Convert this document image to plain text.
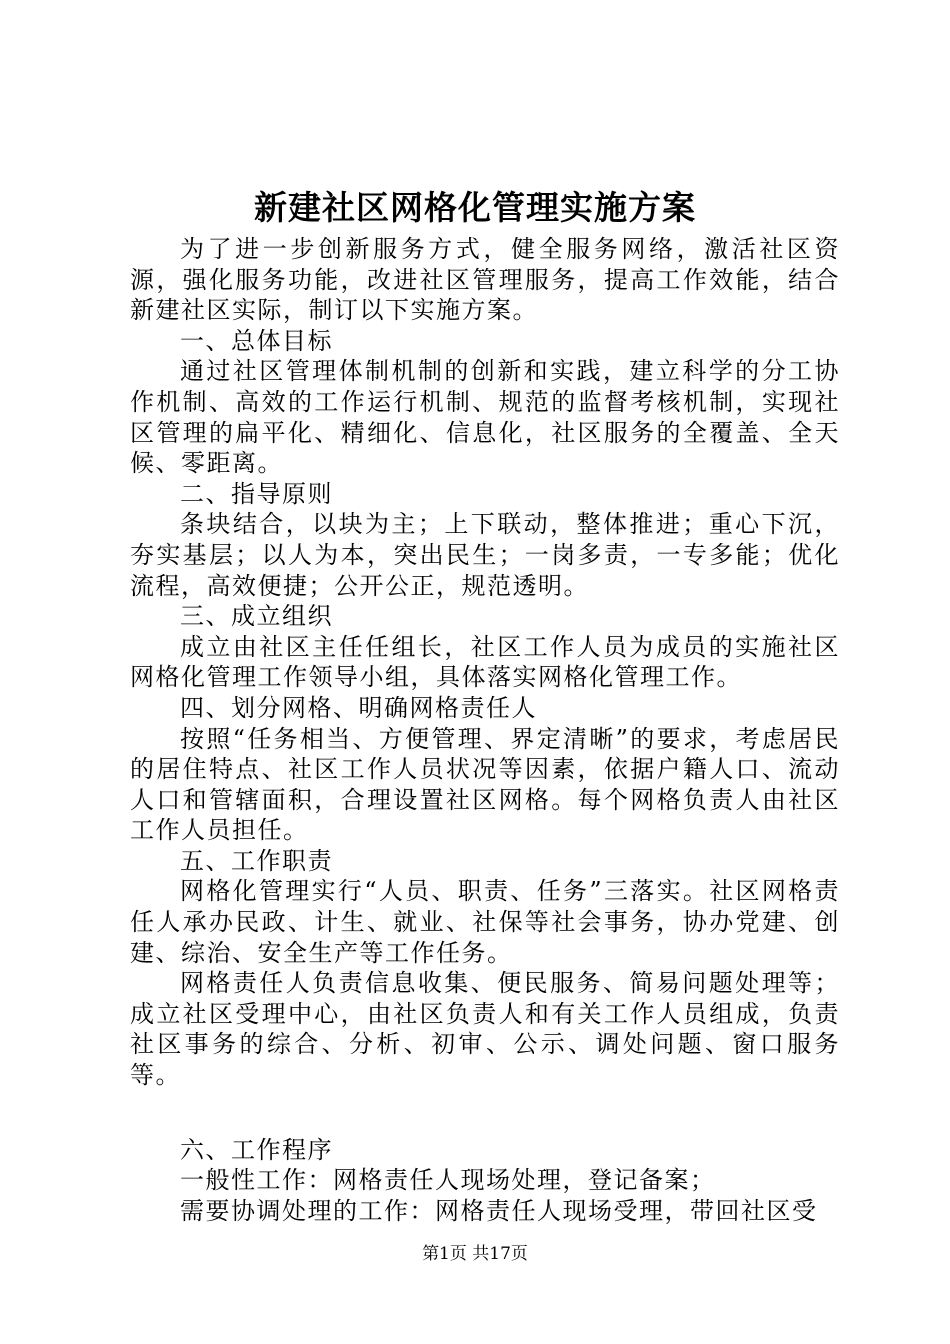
新建社区网格化管理实施方案

为了进一步创新服务方式，健全服务网络，激活社区资源，强化服务功能，改进社区管理服务，提高工作效能，结合新建社区实际，制订以下实施方案。

一、总体目标

通过社区管理体制机制的创新和实践，建立科学的分工协作机制、高效的工作运行机制、规范的监督考核机制，实现社区管理的扁平化、精细化、信息化，社区服务的全覆盖、全天候、零距离。

二、指导原则

条块结合，以块为主；上下联动，整体推进；重心下沉，夯实基层；以人为本，突出民生；一岗多责，一专多能；优化流程，高效便捷；公开公正，规范透明。

三、成立组织

成立由社区主任任组长，社区工作人员为成员的实施社区网格化管理工作领导小组，具体落实网格化管理工作。

四、划分网格、明确网格责任人

按照“任务相当、方便管理、界定清晰”的要求，考虑居民的居住特点、社区工作人员状况等因素，依据户籍人口、流动人口和管辖面积，合理设置社区网格。每个网格负责人由社区工作人员担任。

五、工作职责

网格化管理实行“人员、职责、任务”三落实。社区网格责任人承办民政、计生、就业、社保等社会事务，协办党建、创建、综治、安全生产等工作任务。

网格责任人负责信息收集、便民服务、简易问题处理等；成立社区受理中心，由社区负责人和有关工作人员组成，负责社区事务的综合、分析、初审、公示、调处问题、窗口服务等。

六、工作程序

一般性工作：网格责任人现场处理，登记备案；

需要协调处理的工作：网格责任人现场受理，带回社区受

第1页 共17页
